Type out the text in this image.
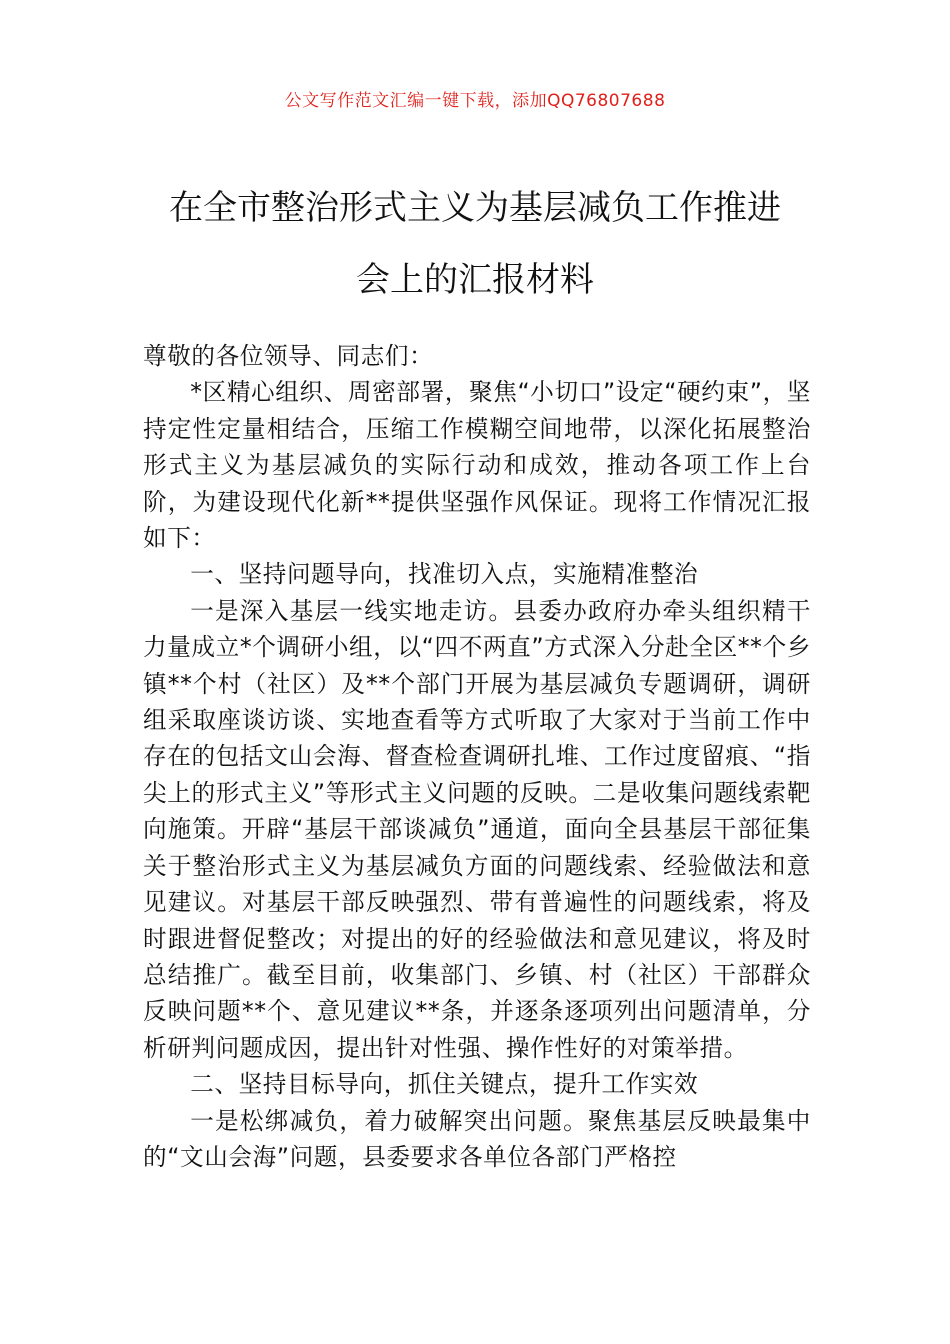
公文写作范文汇编一键下载，添加QQ76807688
在全市整治形式主义为基层减负工作推进
会上的汇报材料

尊敬的各位领导、同志们：

*区精心组织、周密部署，聚焦“小切口”设定“硬约束”，坚持定性定量相结合，压缩工作模糊空间地带，以深化拓展整治形式主义为基层减负的实际行动和成效，推动各项工作上台阶，为建设现代化新**提供坚强作风保证。现将工作情况汇报如下：

一、坚持问题导向，找准切入点，实施精准整治

一是深入基层一线实地走访。县委办政府办牵头组织精干力量成立*个调研小组，以“四不两直”方式深入分赴全区**个乡镇**个村（社区）及**个部门开展为基层减负专题调研，调研组采取座谈访谈、实地查看等方式听取了大家对于当前工作中存在的包括文山会海、督查检查调研扎堆、工作过度留痕、“指尖上的形式主义”等形式主义问题的反映。二是收集问题线索靶向施策。开辟“基层干部谈减负”通道，面向全县基层干部征集关于整治形式主义为基层减负方面的问题线索、经验做法和意见建议。对基层干部反映强烈、带有普遍性的问题线索，将及时跟进督促整改；对提出的好的经验做法和意见建议，将及时总结推广。截至目前，收集部门、乡镇、村（社区）干部群众反映问题**个、意见建议**条，并逐条逐项列出问题清单，分析研判问题成因，提出针对性强、操作性好的对策举措。

二、坚持目标导向，抓住关键点，提升工作实效

一是松绑减负，着力破解突出问题。聚焦基层反映最集中的“文山会海”问题，县委要求各单位各部门严格控
